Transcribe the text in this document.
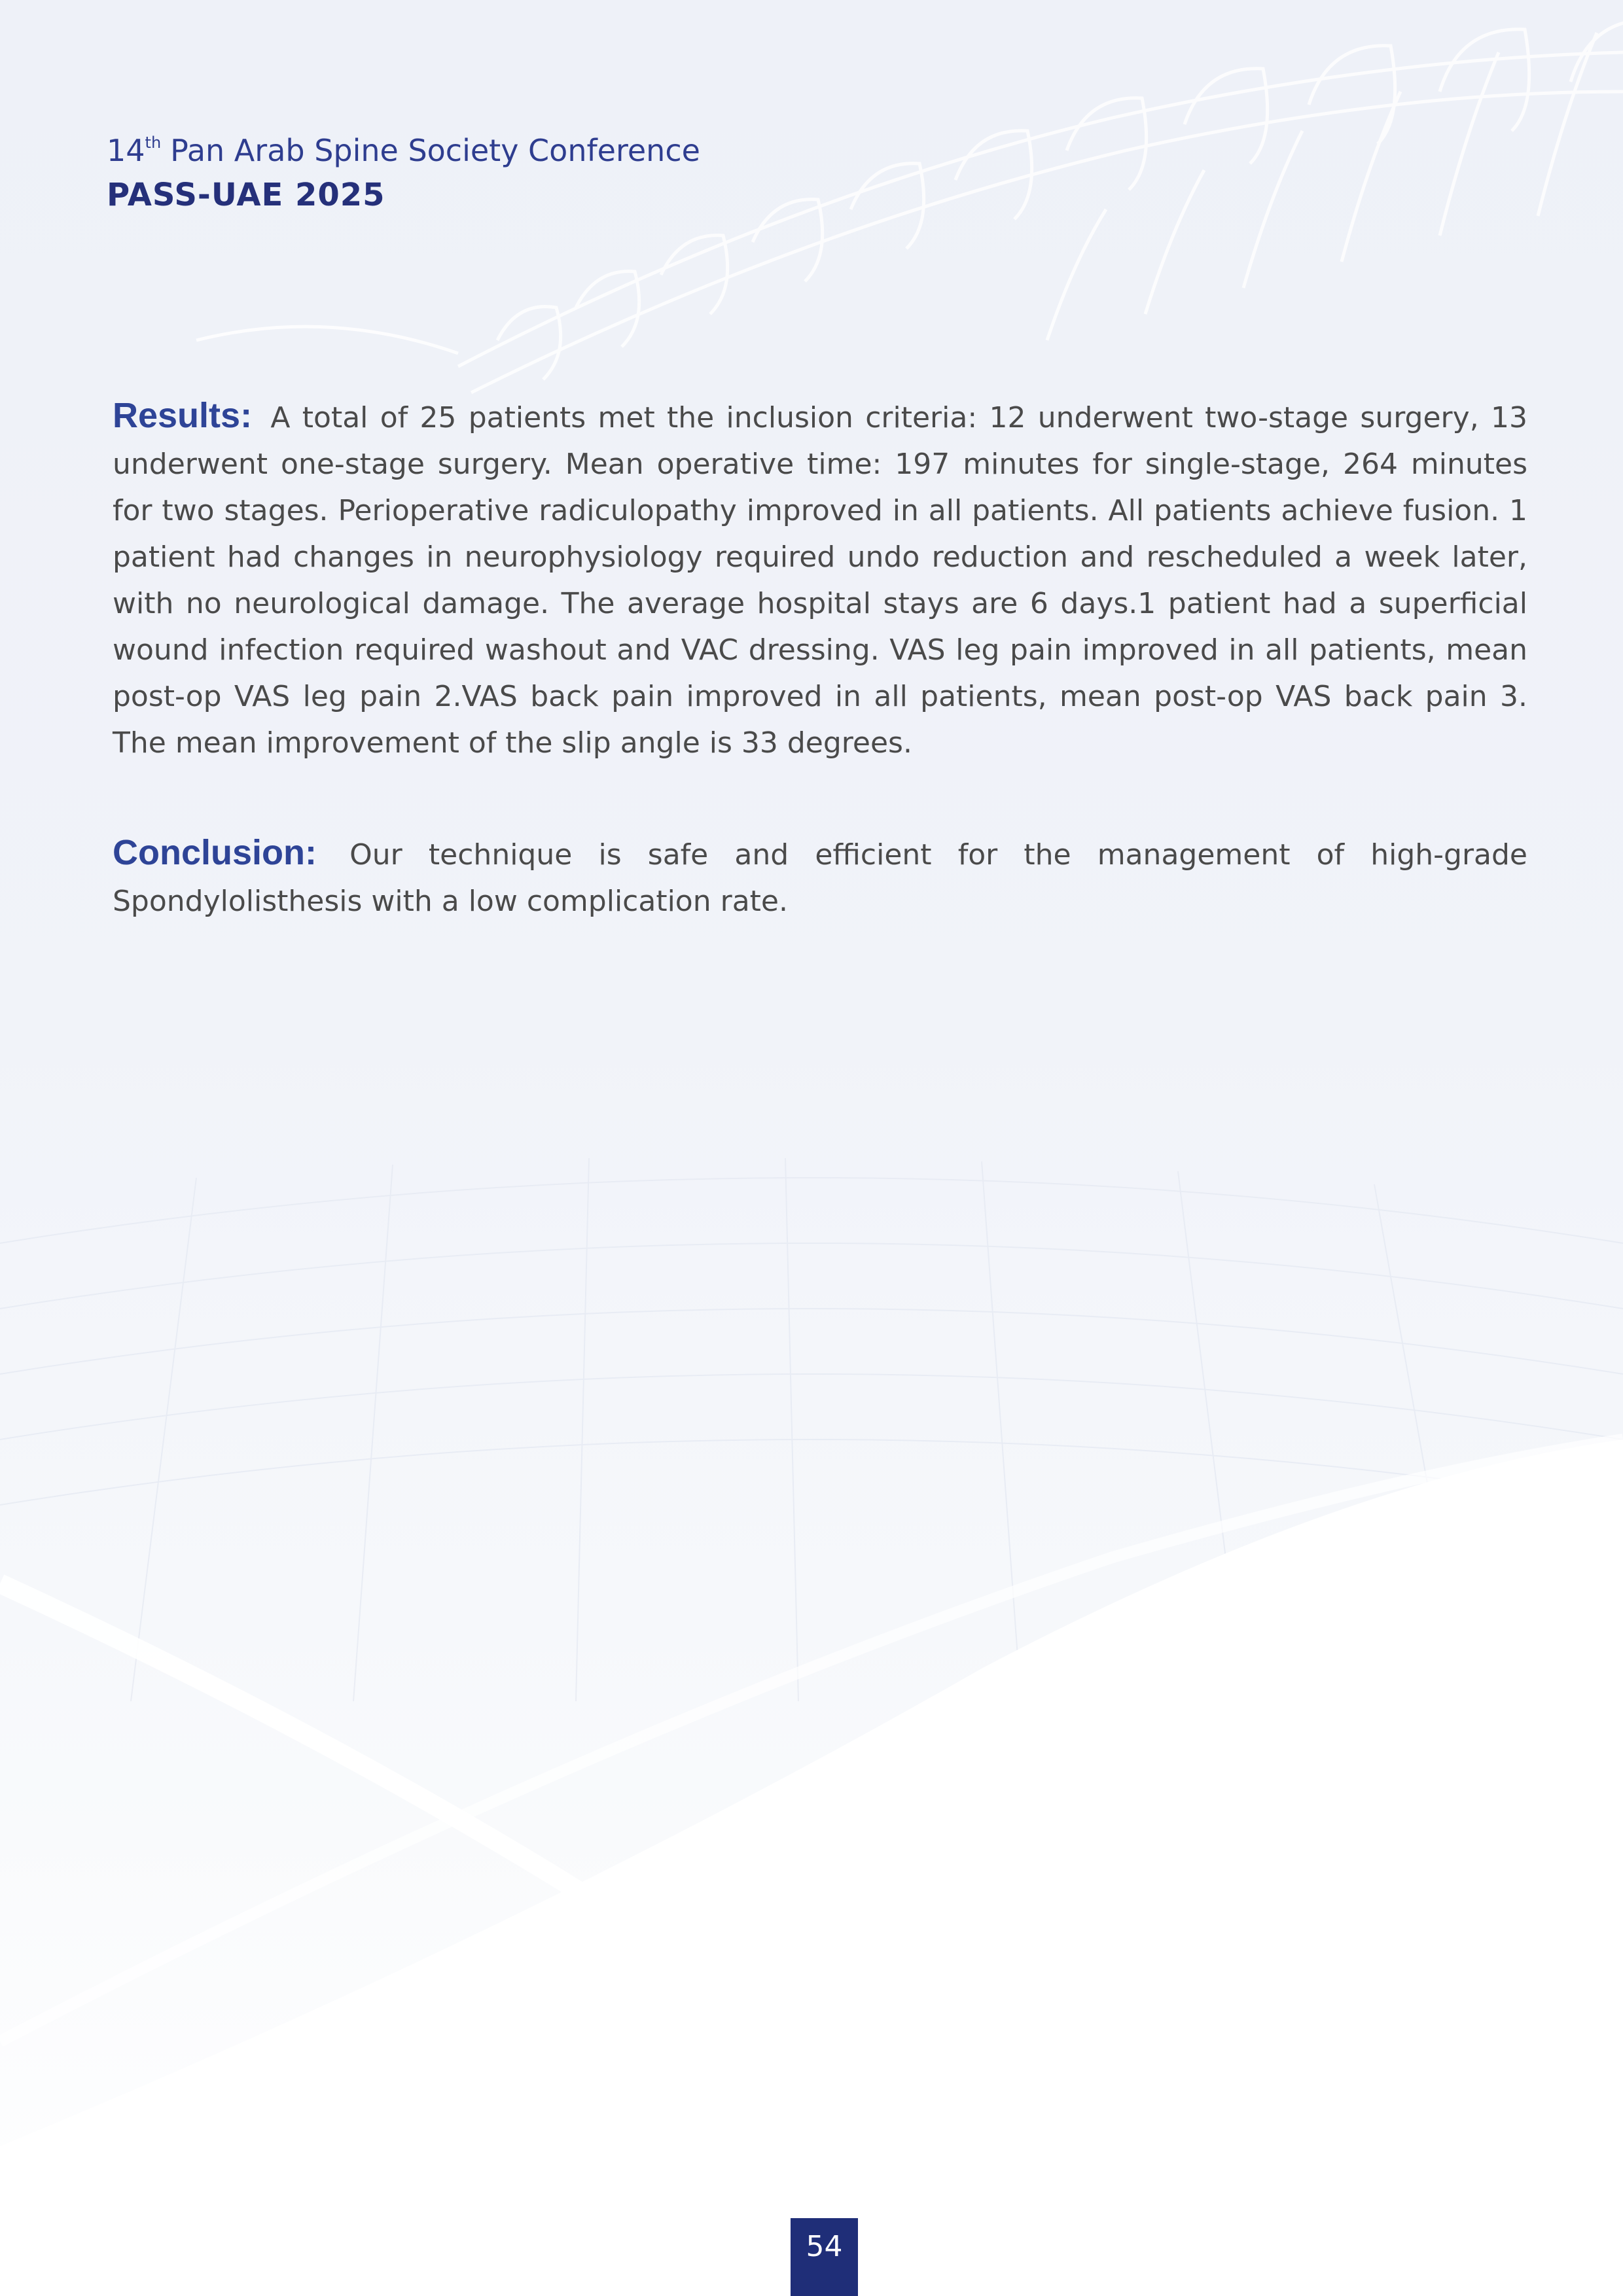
14th Pan Arab Spine Society Conference
PASS-UAE 2025
Results: A total of 25 patients met the inclusion criteria: 12 underwent two-stage surgery, 13 underwent one-stage surgery. Mean operative time: 197 minutes for single-stage, 264 minutes for two stages. Perioperative radiculopathy improved in all patients. All patients achieve fusion. 1 patient had changes in neurophysiology required undo reduction and rescheduled a week later, with no neurological damage. The average hospital stays are 6 days.1 patient had a superficial wound infection required washout and VAC dressing. VAS leg pain improved in all patients, mean post-op VAS leg pain 2.VAS back pain improved in all patients, mean post-op VAS back pain 3. The mean improvement of the slip angle is 33 degrees.
Conclusion: Our technique is safe and efficient for the management of high-grade Spondylolisthesis with a low complication rate.
54
